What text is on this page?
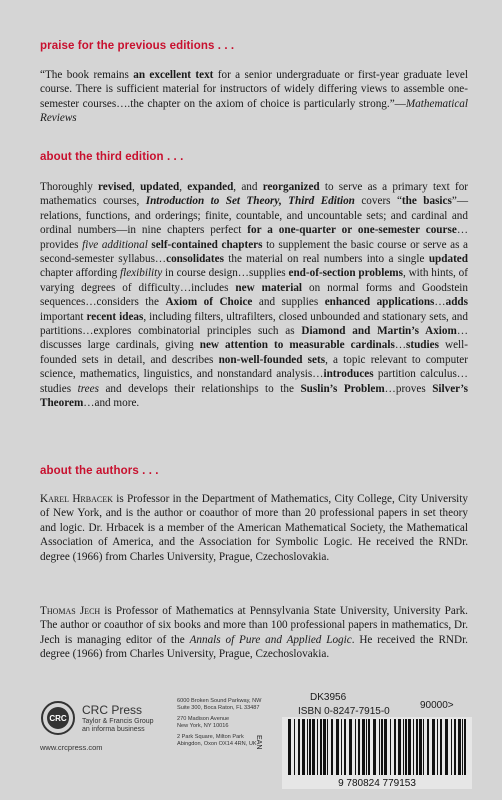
praise for the previous editions . . .
“The book remains an excellent text for a senior undergraduate or first-year graduate level course. There is sufficient material for instructors of widely differing views to assemble one-semester courses….the chapter on the axiom of choice is particularly strong.”—Mathematical Reviews
about the third edition . . .
Thoroughly revised, updated, expanded, and reorganized to serve as a primary text for mathematics courses, Introduction to Set Theory, Third Edition covers “the basics”—relations, functions, and orderings; finite, countable, and uncountable sets; and cardinal and ordinal numbers—in nine chapters perfect for a one-quarter or one-semester course…provides five additional self-contained chapters to supplement the basic course or serve as a second-semester syllabus…consolidates the material on real numbers into a single updated chapter affording flexibility in course design…supplies end-of-section problems, with hints, of varying degrees of difficulty…includes new material on normal forms and Goodstein sequences…considers the Axiom of Choice and supplies enhanced applications…adds important recent ideas, including filters, ultrafilters, closed unbounded and stationary sets, and partitions…explores combinatorial principles such as Diamond and Martin’s Axiom…discusses large cardinals, giving new attention to measurable cardinals…studies well-founded sets in detail, and describes non-well-founded sets, a topic relevant to computer science, mathematics, linguistics, and nonstandard analysis…introduces partition calculus…studies trees and develops their relationships to the Suslin’s Problem…proves Silver’s Theorem…and more.
about the authors . . .
Karel Hrbacek is Professor in the Department of Mathematics, City College, City University of New York, and is the author or coauthor of more than 20 professional papers in set theory and logic. Dr. Hrbacek is a member of the American Mathematical Society, the Mathematical Association of America, and the Association for Symbolic Logic. He received the RNDr. degree (1966) from Charles University, Prague, Czechoslovakia.
Thomas Jech is Professor of Mathematics at Pennsylvania State University, University Park. The author or coauthor of six books and more than 100 professional papers in mathematics, Dr. Jech is managing editor of the Annals of Pure and Applied Logic. He received the RNDr. degree (1966) from Charles University, Prague, Czechoslovakia.
CRC
CRC Press
Taylor & Francis Group
an informa business
www.crcpress.com
6000 Broken Sound Parkway, NW
Suite 300, Boca Raton, FL 33487
270 Madison Avenue
New York, NY 10016
2 Park Square, Milton Park
Abingdon, Oxon OX14 4RN, UK
DK3956
ISBN 0-8247-7915-0
90000>
EAN
9 780824 779153
